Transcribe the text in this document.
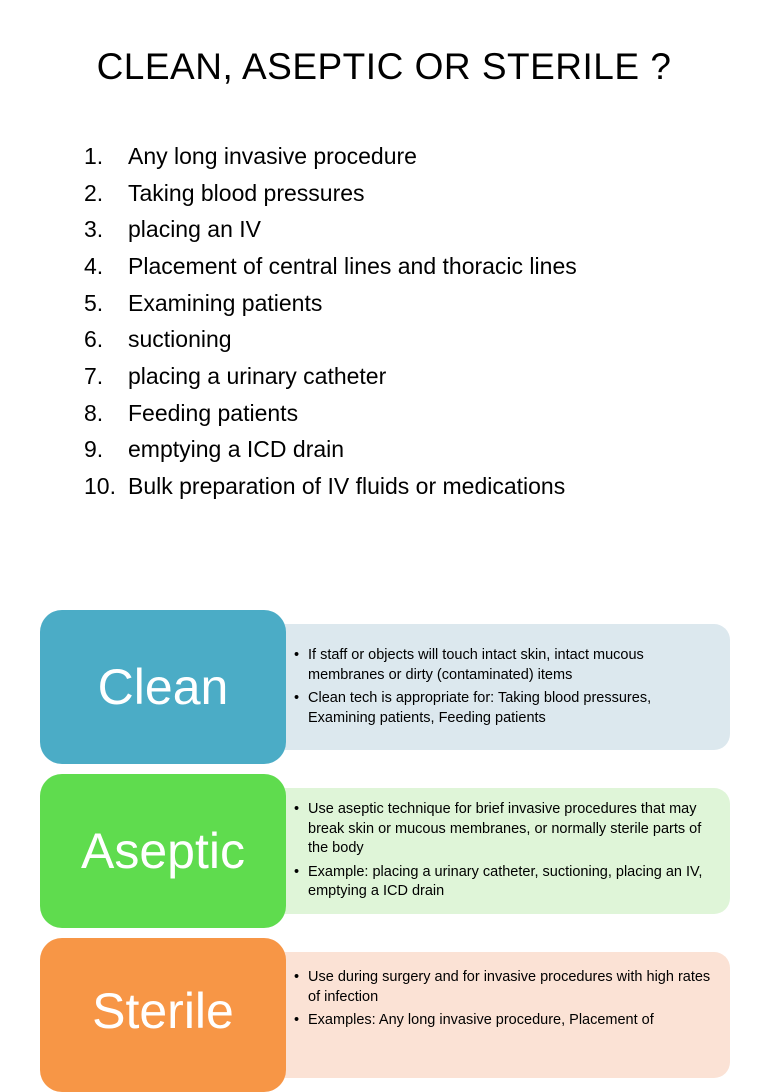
CLEAN, ASEPTIC OR STERILE ?
1.	Any long invasive procedure
2.	Taking blood pressures
3.	placing an IV
4.	Placement of central lines and thoracic lines
5.	Examining patients
6.	suctioning
7.	placing a urinary catheter
8.	Feeding patients
9.	emptying a ICD drain
10. Bulk preparation of IV fluids or medications
Clean
• If staff or objects will touch intact skin, intact mucous membranes or dirty (contaminated) items
• Clean tech is appropriate for: Taking blood pressures, Examining patients, Feeding patients
Aseptic
• Use aseptic technique for brief invasive procedures that may break skin or mucous membranes, or normally sterile parts of the body
• Example: placing a urinary catheter, suctioning, placing an IV, emptying a ICD drain
Sterile
• Use during surgery and for invasive procedures with high rates of infection
• Examples: Any long invasive procedure, Placement of
